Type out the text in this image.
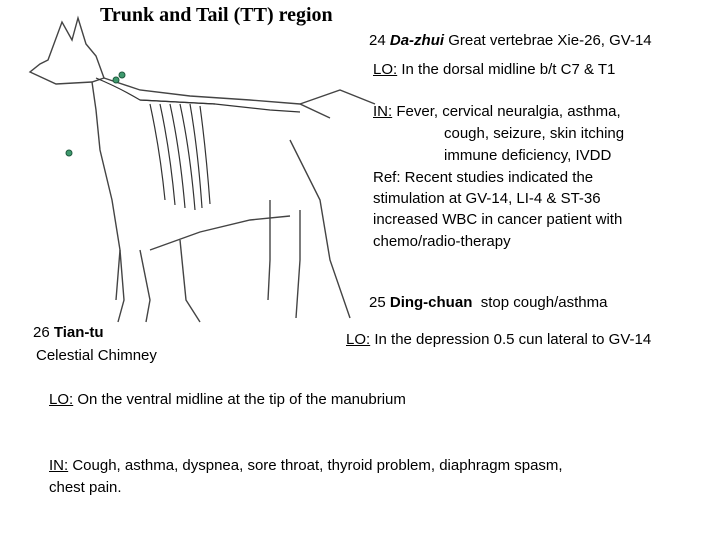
Trunk and Tail (TT) region
24 Da-zhui Great vertebrae Xie-26, GV-14
LO: In the dorsal midline b/t C7 & T1
IN: Fever, cervical neuralgia, asthma,
cough, seizure, skin itching
immune deficiency, IVDD
Ref: Recent studies indicated the
stimulation at GV-14, LI-4 & ST-36
increased WBC in cancer patient with
chemo/radio-therapy
25 Ding-chuan stop cough/asthma
LO: In the depression 0.5 cun lateral to GV-14
26 Tian-tu
Celestial Chimney
LO: On the ventral midline at the tip of the manubrium
IN: Cough, asthma, dyspnea, sore throat, thyroid problem, diaphragm spasm,
chest pain.
